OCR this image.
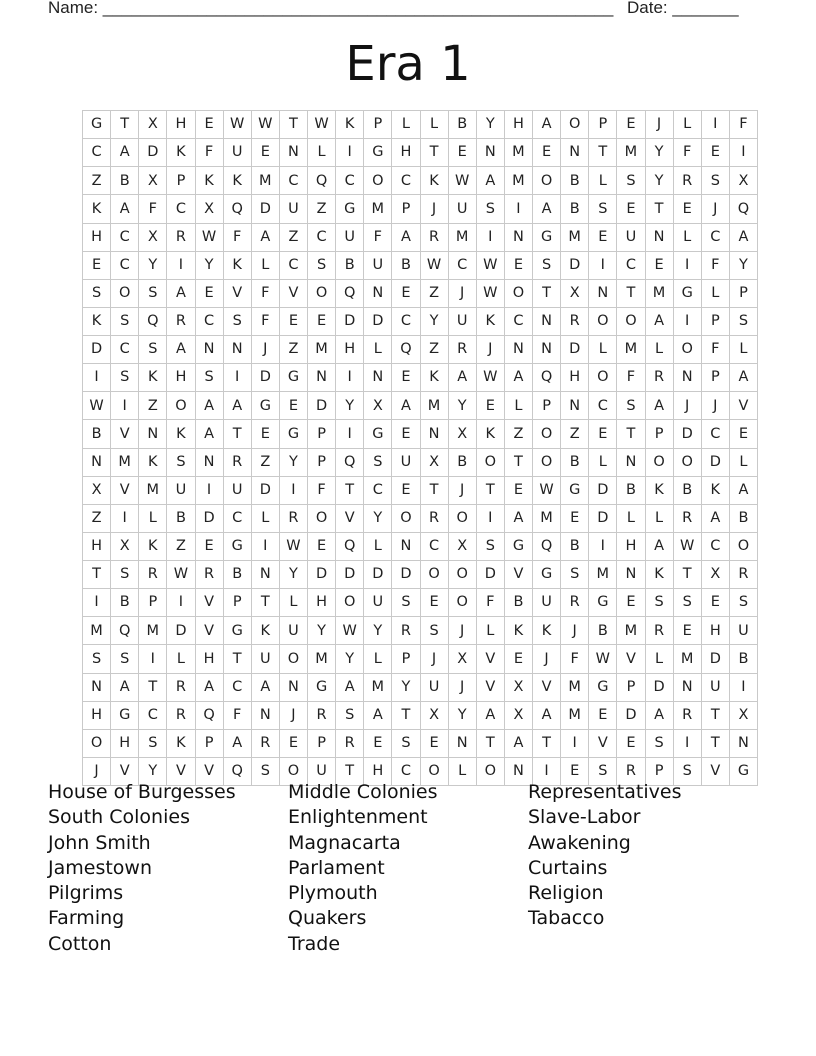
Name: ______________________________________________________ Date: _______
Era 1
G	T	X	H	E	W	W	T	W	K	P	L	L	B	Y	H	A	O	P	E	J	L	I	F
C	A	D	K	F	U	E	N	L	I	G	H	T	E	N	M	E	N	T	M	Y	F	E	I
Z	B	X	P	K	K	M	C	Q	C	O	C	K	W	A	M	O	B	L	S	Y	R	S	X
K	A	F	C	X	Q	D	U	Z	G	M	P	J	U	S	I	A	B	S	E	T	E	J	Q
H	C	X	R	W	F	A	Z	C	U	F	A	R	M	I	N	G	M	E	U	N	L	C	A
E	C	Y	I	Y	K	L	C	S	B	U	B	W	C	W	E	S	D	I	C	E	I	F	Y
S	O	S	A	E	V	F	V	O	Q	N	E	Z	J	W	O	T	X	N	T	M	G	L	P
K	S	Q	R	C	S	F	E	E	D	D	C	Y	U	K	C	N	R	O	O	A	I	P	S
D	C	S	A	N	N	J	Z	M	H	L	Q	Z	R	J	N	N	D	L	M	L	O	F	L
I	S	K	H	S	I	D	G	N	I	N	E	K	A	W	A	Q	H	O	F	R	N	P	A
W	I	Z	O	A	A	G	E	D	Y	X	A	M	Y	E	L	P	N	C	S	A	J	J	V
B	V	N	K	A	T	E	G	P	I	G	E	N	X	K	Z	O	Z	E	T	P	D	C	E
N	M	K	S	N	R	Z	Y	P	Q	S	U	X	B	O	T	O	B	L	N	O	O	D	L
X	V	M	U	I	U	D	I	F	T	C	E	T	J	T	E	W	G	D	B	K	B	K	A
Z	I	L	B	D	C	L	R	O	V	Y	O	R	O	I	A	M	E	D	L	L	R	A	B
H	X	K	Z	E	G	I	W	E	Q	L	N	C	X	S	G	Q	B	I	H	A	W	C	O
T	S	R	W	R	B	N	Y	D	D	D	D	O	O	D	V	G	S	M	N	K	T	X	R
I	B	P	I	V	P	T	L	H	O	U	S	E	O	F	B	U	R	G	E	S	S	E	S
M	Q	M	D	V	G	K	U	Y	W	Y	R	S	J	L	K	K	J	B	M	R	E	H	U
S	S	I	L	H	T	U	O	M	Y	L	P	J	X	V	E	J	F	W	V	L	M	D	B
N	A	T	R	A	C	A	N	G	A	M	Y	U	J	V	X	V	M	G	P	D	N	U	I
H	G	C	R	Q	F	N	J	R	S	A	T	X	Y	A	X	A	M	E	D	A	R	T	X
O	H	S	K	P	A	R	E	P	R	E	S	E	N	T	A	T	I	V	E	S	I	T	N
J	V	Y	V	V	Q	S	O	U	T	H	C	O	L	O	N	I	E	S	R	P	S	V	G
House of Burgesses
South Colonies
John Smith
Jamestown
Pilgrims
Farming
Cotton
Middle Colonies
Enlightenment
Magnacarta
Parlament
Plymouth
Quakers
Trade
Representatives
Slave-Labor
Awakening
Curtains
Religion
Tabacco
